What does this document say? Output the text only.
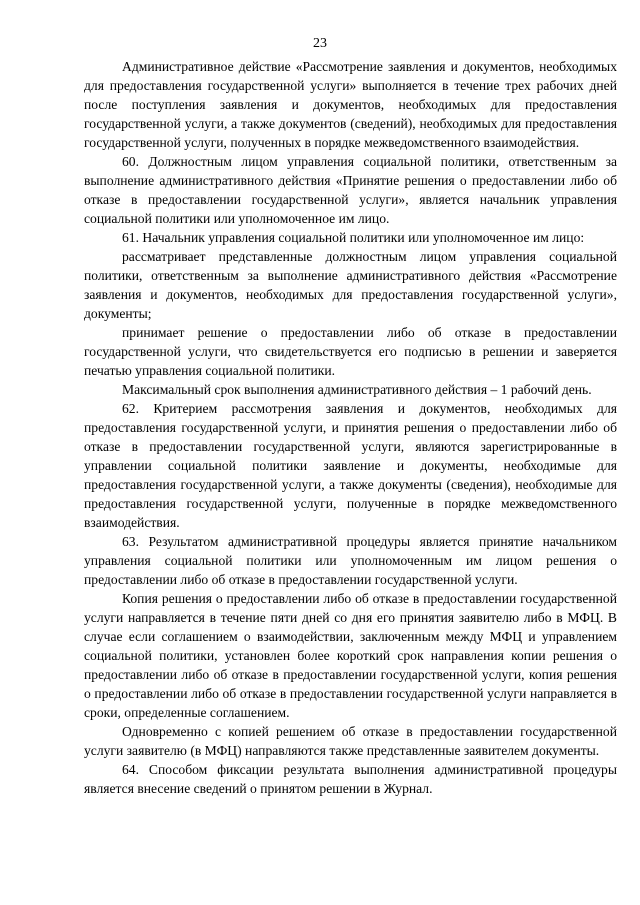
23

Административное действие «Рассмотрение заявления и документов, необходимых для предоставления государственной услуги» выполняется в течение трех рабочих дней после поступления заявления и документов, необходимых для предоставления государственной услуги, а также документов (сведений), необходимых для предоставления государственной услуги, полученных в порядке межведомственного взаимодействия.

60. Должностным лицом управления социальной политики, ответственным за выполнение административного действия «Принятие решения о предоставлении либо об отказе в предоставлении государственной услуги», является начальник управления социальной политики или уполномоченное им лицо.

61. Начальник управления социальной политики или уполномоченное им лицо:

рассматривает представленные должностным лицом управления социальной политики, ответственным за выполнение административного действия «Рассмотрение заявления и документов, необходимых для предоставления государственной услуги», документы;

принимает решение о предоставлении либо об отказе в предоставлении государственной услуги, что свидетельствуется его подписью в решении и заверяется печатью управления социальной политики.

Максимальный срок выполнения административного действия – 1 рабочий день.

62. Критерием рассмотрения заявления и документов, необходимых для предоставления государственной услуги, и принятия решения о предоставлении либо об отказе в предоставлении государственной услуги, являются зарегистрированные в управлении социальной политики заявление и документы, необходимые для предоставления государственной услуги, а также документы (сведения), необходимые для предоставления государственной услуги, полученные в порядке межведомственного взаимодействия.

63. Результатом административной процедуры является принятие начальником управления социальной политики или уполномоченным им лицом решения о предоставлении либо об отказе в предоставлении государственной услуги.

Копия решения о предоставлении либо об отказе в предоставлении государственной услуги направляется в течение пяти дней со дня его принятия заявителю либо в МФЦ. В случае если соглашением о взаимодействии, заключенным между МФЦ и управлением социальной политики, установлен более короткий срок направления копии решения о предоставлении либо об отказе в предоставлении государственной услуги, копия решения о предоставлении либо об отказе в предоставлении государственной услуги направляется в сроки, определенные соглашением.

Одновременно с копией решением об отказе в предоставлении государственной услуги заявителю (в МФЦ) направляются также представленные заявителем документы.

64. Способом фиксации результата выполнения административной процедуры является внесение сведений о принятом решении в Журнал.
